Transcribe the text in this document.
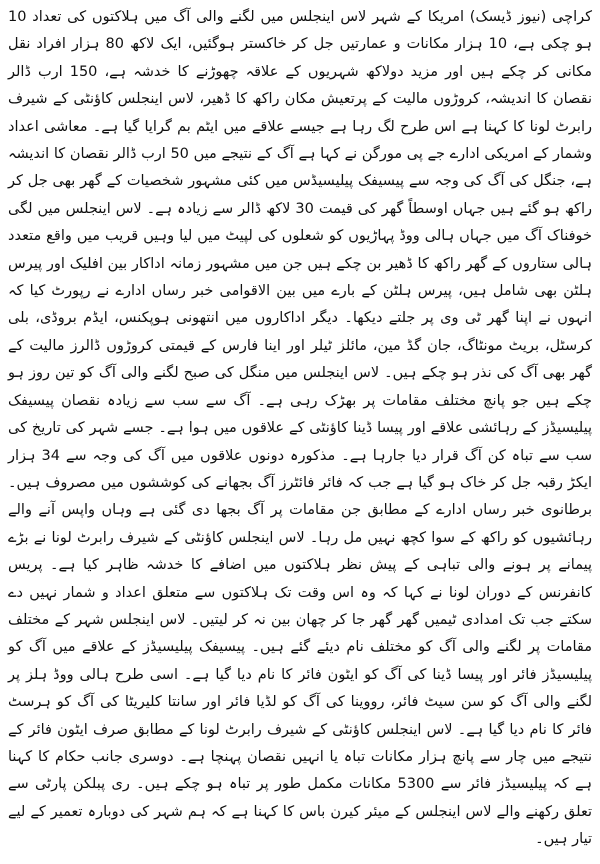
کراچی (نیوز ڈیسک) امریکا کے شہر لاس اینجلس میں لگنے والی آگ میں ہلاکتوں کی تعداد 10 ہو چکی ہے، 10 ہزار مکانات و عمارتیں جل کر خاکستر ہوگئیں، ایک لاکھ 80 ہزار افراد نقل مکانی کر چکے ہیں اور مزید دولاکھ شہریوں کے علاقہ چھوڑنے کا خدشہ ہے، 150 ارب ڈالر نقصان کا اندیشہ، کروڑوں مالیت کے پرتعیش مکان راکھ کا ڈھیر، لاس اینجلس کاؤنٹی کے شیرف رابرٹ لونا کا کہنا ہے اس طرح لگ رہا ہے جیسے علاقے میں ایٹم بم گرایا گیا ہے۔ معاشی اعداد وشمار کے امریکی ادارے جے پی مورگن نے کہا ہے آگ کے نتیجے میں 50 ارب ڈالر نقصان کا اندیشہ ہے، جنگل کی آگ کی وجہ سے پیسیفک پیلیسیڈس میں کئی مشہور شخصیات کے گھر بھی جل کر راکھ ہو گئے ہیں جہاں اوسطاً گھر کی قیمت 30 لاکھ ڈالر سے زیادہ ہے۔ لاس اینجلس میں لگی خوفناک آگ میں جہاں ہالی ووڈ پہاڑیوں کو شعلوں کی لپیٹ میں لیا وہیں قریب میں واقع متعدد ہالی ستاروں کے گھر راکھ کا ڈھیر بن چکے ہیں جن میں مشہور زمانہ اداکار بین افلیک اور پیرس ہلٹن بھی شامل ہیں، پیرس ہلٹن کے بارے میں بین الاقوامی خبر رساں ادارے نے رپورٹ کیا کہ انہوں نے اپنا گھر ٹی وی پر جلتے دیکھا۔ دیگر اداکاروں میں انتھونی ہوپکنس، ایڈم بروڈی، بلی کرسٹل، بریٹ مونٹاگ، جان گڈ مین، مائلز ٹیلر اور اینا فارس کے قیمتی کروڑوں ڈالرز مالیت کے گھر بھی آگ کی نذر ہو چکے ہیں۔ لاس اینجلس میں منگل کی صبح لگنے والی آگ کو تین روز ہو چکے ہیں جو پانچ مختلف مقامات پر بھڑک رہی ہے۔ آگ سے سب سے زیادہ نقصان پیسیفک پیلیسیڈز کے رہائشی علاقے اور پیسا ڈینا کاؤنٹی کے علاقوں میں ہوا ہے۔ جسے شہر کی تاریخ کی سب سے تباہ کن آگ قرار دیا جارہا ہے۔ مذکورہ دونوں علاقوں میں آگ کی وجہ سے 34 ہزار ایکڑ رقبہ جل کر خاک ہو گیا ہے جب کہ فائر فائٹرز آگ بجھانے کی کوششوں میں مصروف ہیں۔ برطانوی خبر رساں ادارے کے مطابق جن مقامات پر آگ بجھا دی گئی ہے وہاں واپس آنے والے رہائشیوں کو راکھ کے سوا کچھ نہیں مل رہا۔ لاس اینجلس کاؤنٹی کے شیرف رابرٹ لونا نے بڑے پیمانے پر ہونے والی تباہی کے پیش نظر ہلاکتوں میں اضافے کا خدشہ ظاہر کیا ہے۔ پریس کانفرنس کے دوران لونا نے کہا کہ وہ اس وقت تک ہلاکتوں سے متعلق اعداد و شمار نہیں دے سکتے جب تک امدادی ٹیمیں گھر گھر جا کر چھان بین نہ کر لیتیں۔ لاس اینجلس شہر کے مختلف مقامات پر لگنے والی آگ کو مختلف نام دیئے گئے ہیں۔ پیسیفک پیلیسیڈز کے علاقے میں آگ کو پیلیسیڈز فائر اور پیسا ڈینا کی آگ کو ایٹون فائر کا نام دیا گیا ہے۔ اسی طرح ہالی ووڈ ہلز پر لگنے والی آگ کو سن سیٹ فائر، رووینا کی آگ کو لڈیا فائر اور سانتا کلیریٹا کی آگ کو ہرسٹ فائر کا نام دیا گیا ہے۔ لاس اینجلس کاؤنٹی کے شیرف رابرٹ لونا کے مطابق صرف ایٹون فائر کے نتیجے میں چار سے پانچ ہزار مکانات تباہ یا انہیں نقصان پہنچا ہے۔ دوسری جانب حکام کا کہنا ہے کہ پیلیسیڈز فائر سے 5300 مکانات مکمل طور پر تباہ ہو چکے ہیں۔ ری پبلکن پارٹی سے تعلق رکھنے والے لاس اینجلس کے میئر کیرن باس کا کہنا ہے کہ ہم شہر کی دوبارہ تعمیر کے لیے تیار ہیں۔
